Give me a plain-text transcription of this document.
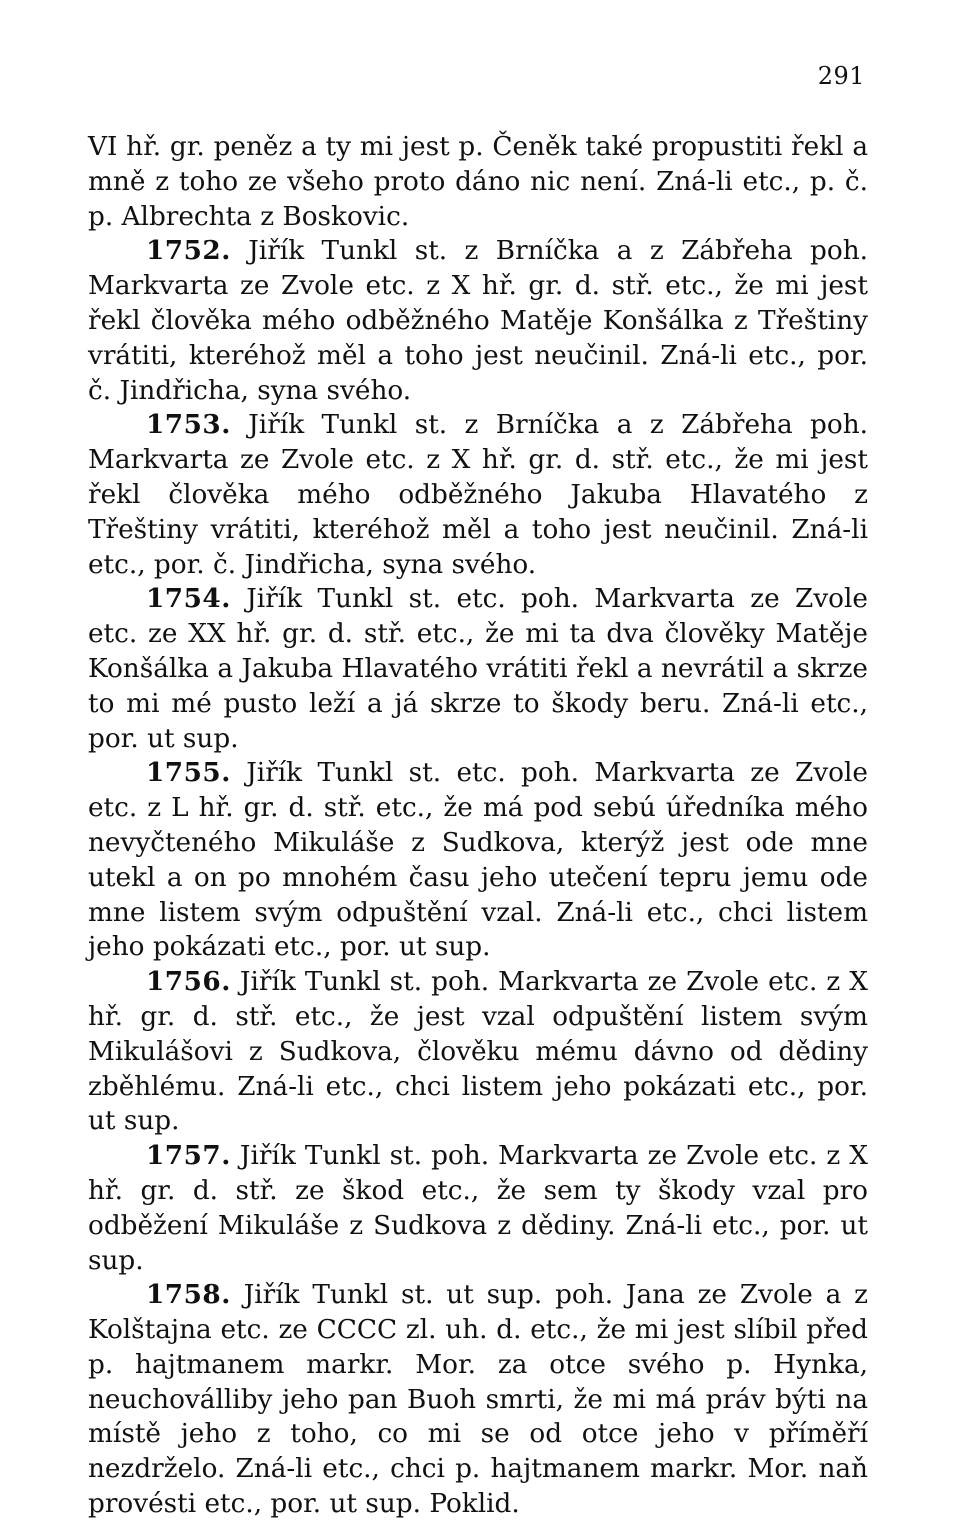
291

VI hř. gr. peněz a ty mi jest p. Čeněk také propustiti řekl a mně z toho ze všeho proto dáno nic není. Zná-li etc., p. č. p. Albrechta z Boskovic.

1752. Jiřík Tunkl st. z Brníčka a z Zábřeha poh. Markvarta ze Zvole etc. z X hř. gr. d. stř. etc., že mi jest řekl člověka mého odběžného Matěje Konšálka z Třeštiny vrátiti, kteréhož měl a toho jest neučinil. Zná-li etc., por. č. Jindřicha, syna svého.

1753. Jiřík Tunkl st. z Brníčka a z Zábřeha poh. Markvarta ze Zvole etc. z X hř. gr. d. stř. etc., že mi jest řekl člověka mého odběžného Jakuba Hlavatého z Třeštiny vrátiti, kteréhož měl a toho jest neučinil. Zná-li etc., por. č. Jindřicha, syna svého.

1754. Jiřík Tunkl st. etc. poh. Markvarta ze Zvole etc. ze XX hř. gr. d. stř. etc., že mi ta dva člověky Matěje Konšálka a Jakuba Hlavatého vrátiti řekl a nevrátil a skrze to mi mé pusto leží a já skrze to škody beru. Zná-li etc., por. ut sup.

1755. Jiřík Tunkl st. etc. poh. Markvarta ze Zvole etc. z L hř. gr. d. stř. etc., že má pod sebú úředníka mého nevyčteného Mikuláše z Sudkova, kterýž jest ode mne utekl a on po mnohém času jeho utečení tepru jemu ode mne listem svým odpuštění vzal. Zná-li etc., chci listem jeho pokázati etc., por. ut sup.

1756. Jiřík Tunkl st. poh. Markvarta ze Zvole etc. z X hř. gr. d. stř. etc., že jest vzal odpuštění listem svým Mikulášovi z Sudkova, člověku mému dávno od dědiny zběhlému. Zná-li etc., chci listem jeho pokázati etc., por. ut sup.

1757. Jiřík Tunkl st. poh. Markvarta ze Zvole etc. z X hř. gr. d. stř. ze škod etc., že sem ty škody vzal pro odběžení Mikuláše z Sudkova z dědiny. Zná-li etc., por. ut sup.

1758. Jiřík Tunkl st. ut sup. poh. Jana ze Zvole a z Kolštajna etc. ze CCCC zl. uh. d. etc., že mi jest slíbil před p. hajtmanem markr. Mor. za otce svého p. Hynka, neuchoválliby jeho pan Buoh smrti, že mi má práv býti na místě jeho z toho, co mi se od otce jeho v příměří nezdrželo. Zná-li etc., chci p. hajtmanem markr. Mor. naň provésti etc., por. ut sup. Poklid.
